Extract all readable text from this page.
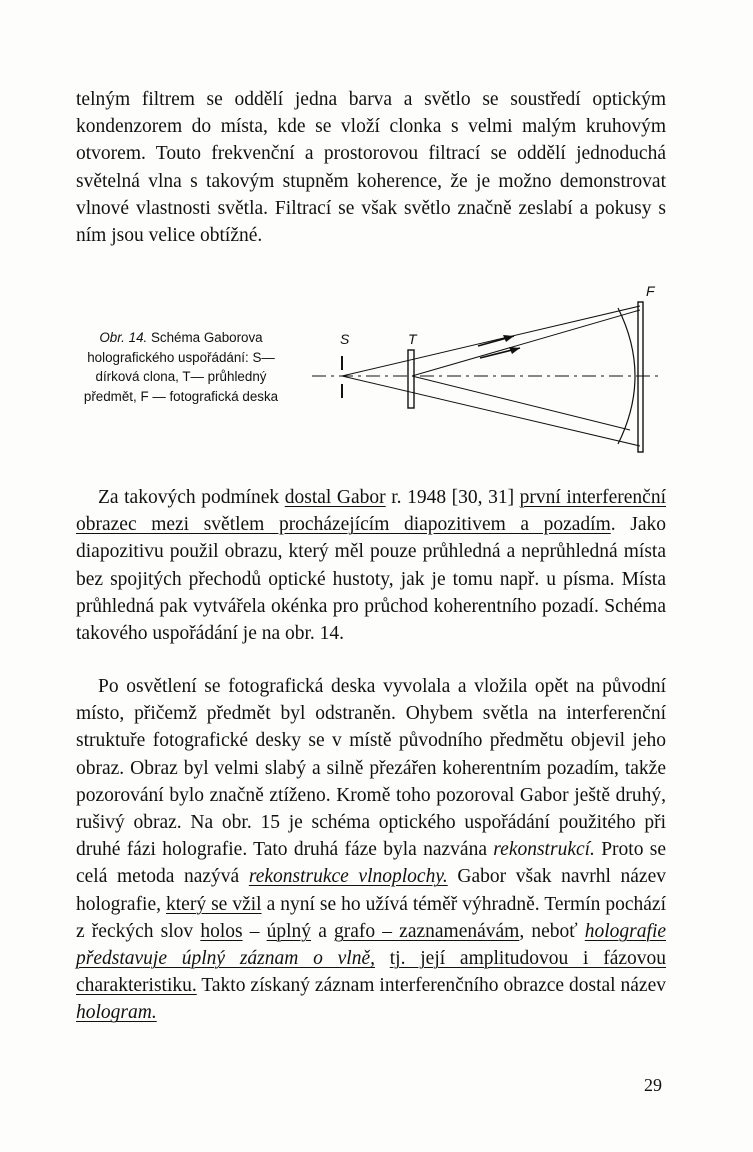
telným filtrem se oddělí jedna barva a světlo se soustředí optickým kondenzorem do místa, kde se vloží clonka s velmi malým kruhovým otvorem. Touto frekvenční a prostorovou filtrací se oddělí jednoduchá světelná vlna s takovým stupněm koherence, že je možno demonstrovat vlnové vlastnosti světla. Filtrací se však světlo značně zeslabí a pokusy s ním jsou velice obtížné.

Obr. 14. Schéma Gaborova holografického uspořádání: S— dírková clona, T— průhledný předmět, F — fotografická deska

S	T
F

Za takových podmínek dostal Gabor r. 1948 [30, 31] první interferenční obrazec mezi světlem procházejícím diapozitivem a pozadím. Jako diapozitivu použil obrazu, který měl pouze průhledná a neprůhledná místa bez spojitých přechodů optické hustoty, jak je tomu např. u písma. Místa průhledná pak vytvářela okénka pro průchod koherentního pozadí. Schéma takového uspořádání je na obr. 14.

Po osvětlení se fotografická deska vyvolala a vložila opět na původní místo, přičemž předmět byl odstraněn. Ohybem světla na interferenční struktuře fotografické desky se v místě původního předmětu objevil jeho obraz. Obraz byl velmi slabý a silně přezářen koherentním pozadím, takže pozorování bylo značně ztíženo. Kromě toho pozoroval Gabor ještě druhý, rušivý obraz. Na obr. 15 je schéma optického uspořádání použitého při druhé fázi holografie. Tato druhá fáze byla nazvána rekonstrukcí. Proto se celá metoda nazývá rekonstrukce vlnoplochy. Gabor však navrhl název holografie, který se vžil a nyní se ho užívá téměř výhradně. Termín pochází z řeckých slov holos – úplný a grafo – zaznamenávám, neboť holografie představuje úplný záznam o vlně, tj. její amplitudovou i fázovou charakteristiku. Takto získaný záznam interferenčního obrazce dostal název hologram.

29
